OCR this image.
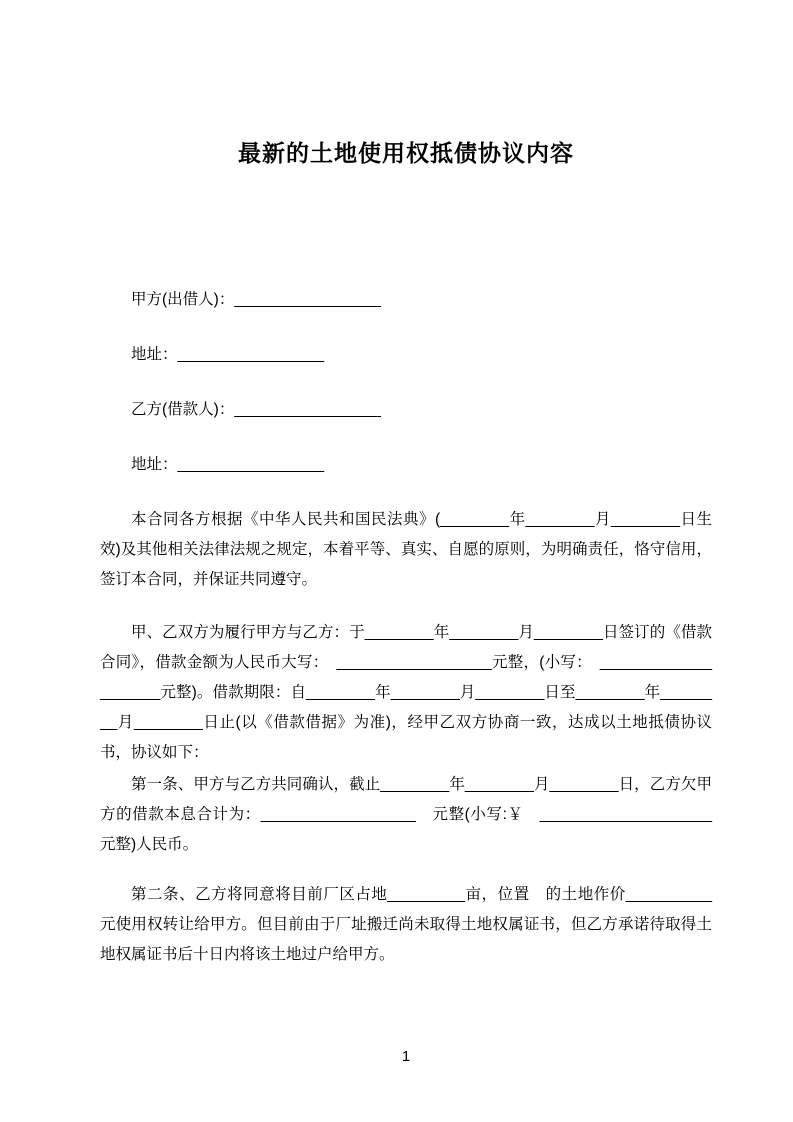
最新的土地使用权抵债协议内容

甲方(出借人)：_________________

地址：_________________

乙方(借款人)：_________________

地址：_________________

本合同各方根据《中华人民共和国民法典》(________年________月________日生效)及其他相关法律法规之规定，本着平等、真实、自愿的原则，为明确责任，恪守信用，签订本合同，并保证共同遵守。

甲、乙双方为履行甲方与乙方：于________年________月________日签订的《借款合同》，借款金额为人民币大写：　__________________元整，(小写：　____________________元整)。借款期限：自________年________月________日至________年________月________日止(以《借款借据》为准)，经甲乙双方协商一致，达成以土地抵债协议书，协议如下：

第一条、甲方与乙方共同确认，截止________年________月________日，乙方欠甲方的借款本息合计为：__________________　元整(小写:￥　____________________元整)人民币。

第二条、乙方将同意将目前厂区占地_________亩，位置　的土地作价__________元使用权转让给甲方。但目前由于厂址搬迁尚未取得土地权属证书，但乙方承诺待取得土地权属证书后十日内将该土地过户给甲方。

1
